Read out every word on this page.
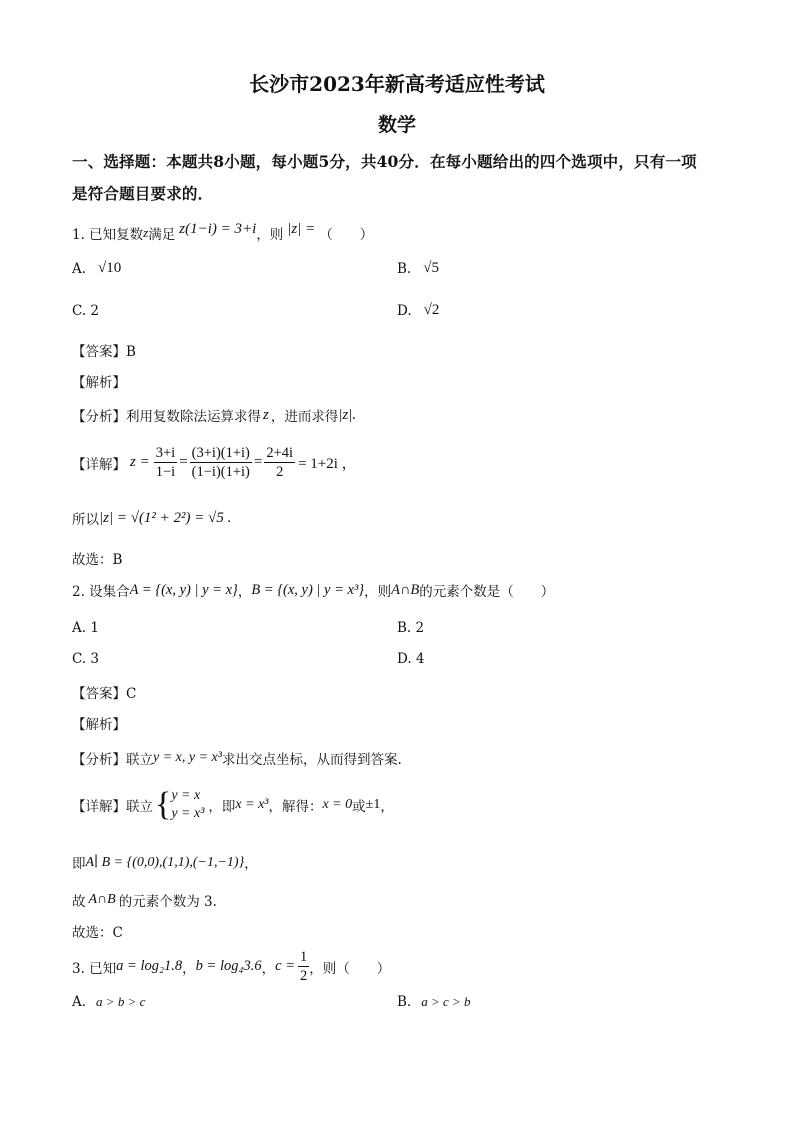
长沙市2023年新高考适应性考试
数学
一、选择题：本题共8小题，每小题5分，共40分．在每小题给出的四个选项中，只有一项
是符合题目要求的．
1. 已知复数 z 满足 z(1−i) = 3+i ，则 |z| = （　　）
A. √10	B. √5
C. 2	D. √2
【答案】B
【解析】
【分析】 利用复数除法运算求得 z ，进而求得 |z|.
【详解】 $z = \frac{3+i}{1-i} = \frac{(3+i)(1+i)}{(1-i)(1+i)} = \frac{2+4i}{2} = 1+2i$ ，
所以 |z| = √(1² + 2²) = √5 .
故选：B
2. 设集合 A = {(x, y) | y = x} ， B = {(x, y) | y = x³} ，则 A∩B 的元素个数是（　　）
A. 1	B. 2
C. 3	D. 4
【答案】C
【解析】
【分析】 联立 y = x, y = x³ 求出交点坐标，从而得到答案.
【详解】 联立 { y = x
y = x³ ，即 x = x³ ，解得： x = 0 或 ±1 ，
即 A∣ B = {(0,0),(1,1),(−1,−1)} ，
故 A∩B 的元素个数为 3.
故选：C
3. 已知 a = log₂1.8 ， b = log₄3.6 ， $c = \frac{1}{2}$ ，则（　　）
A. a > b > c	B. a > c > b
